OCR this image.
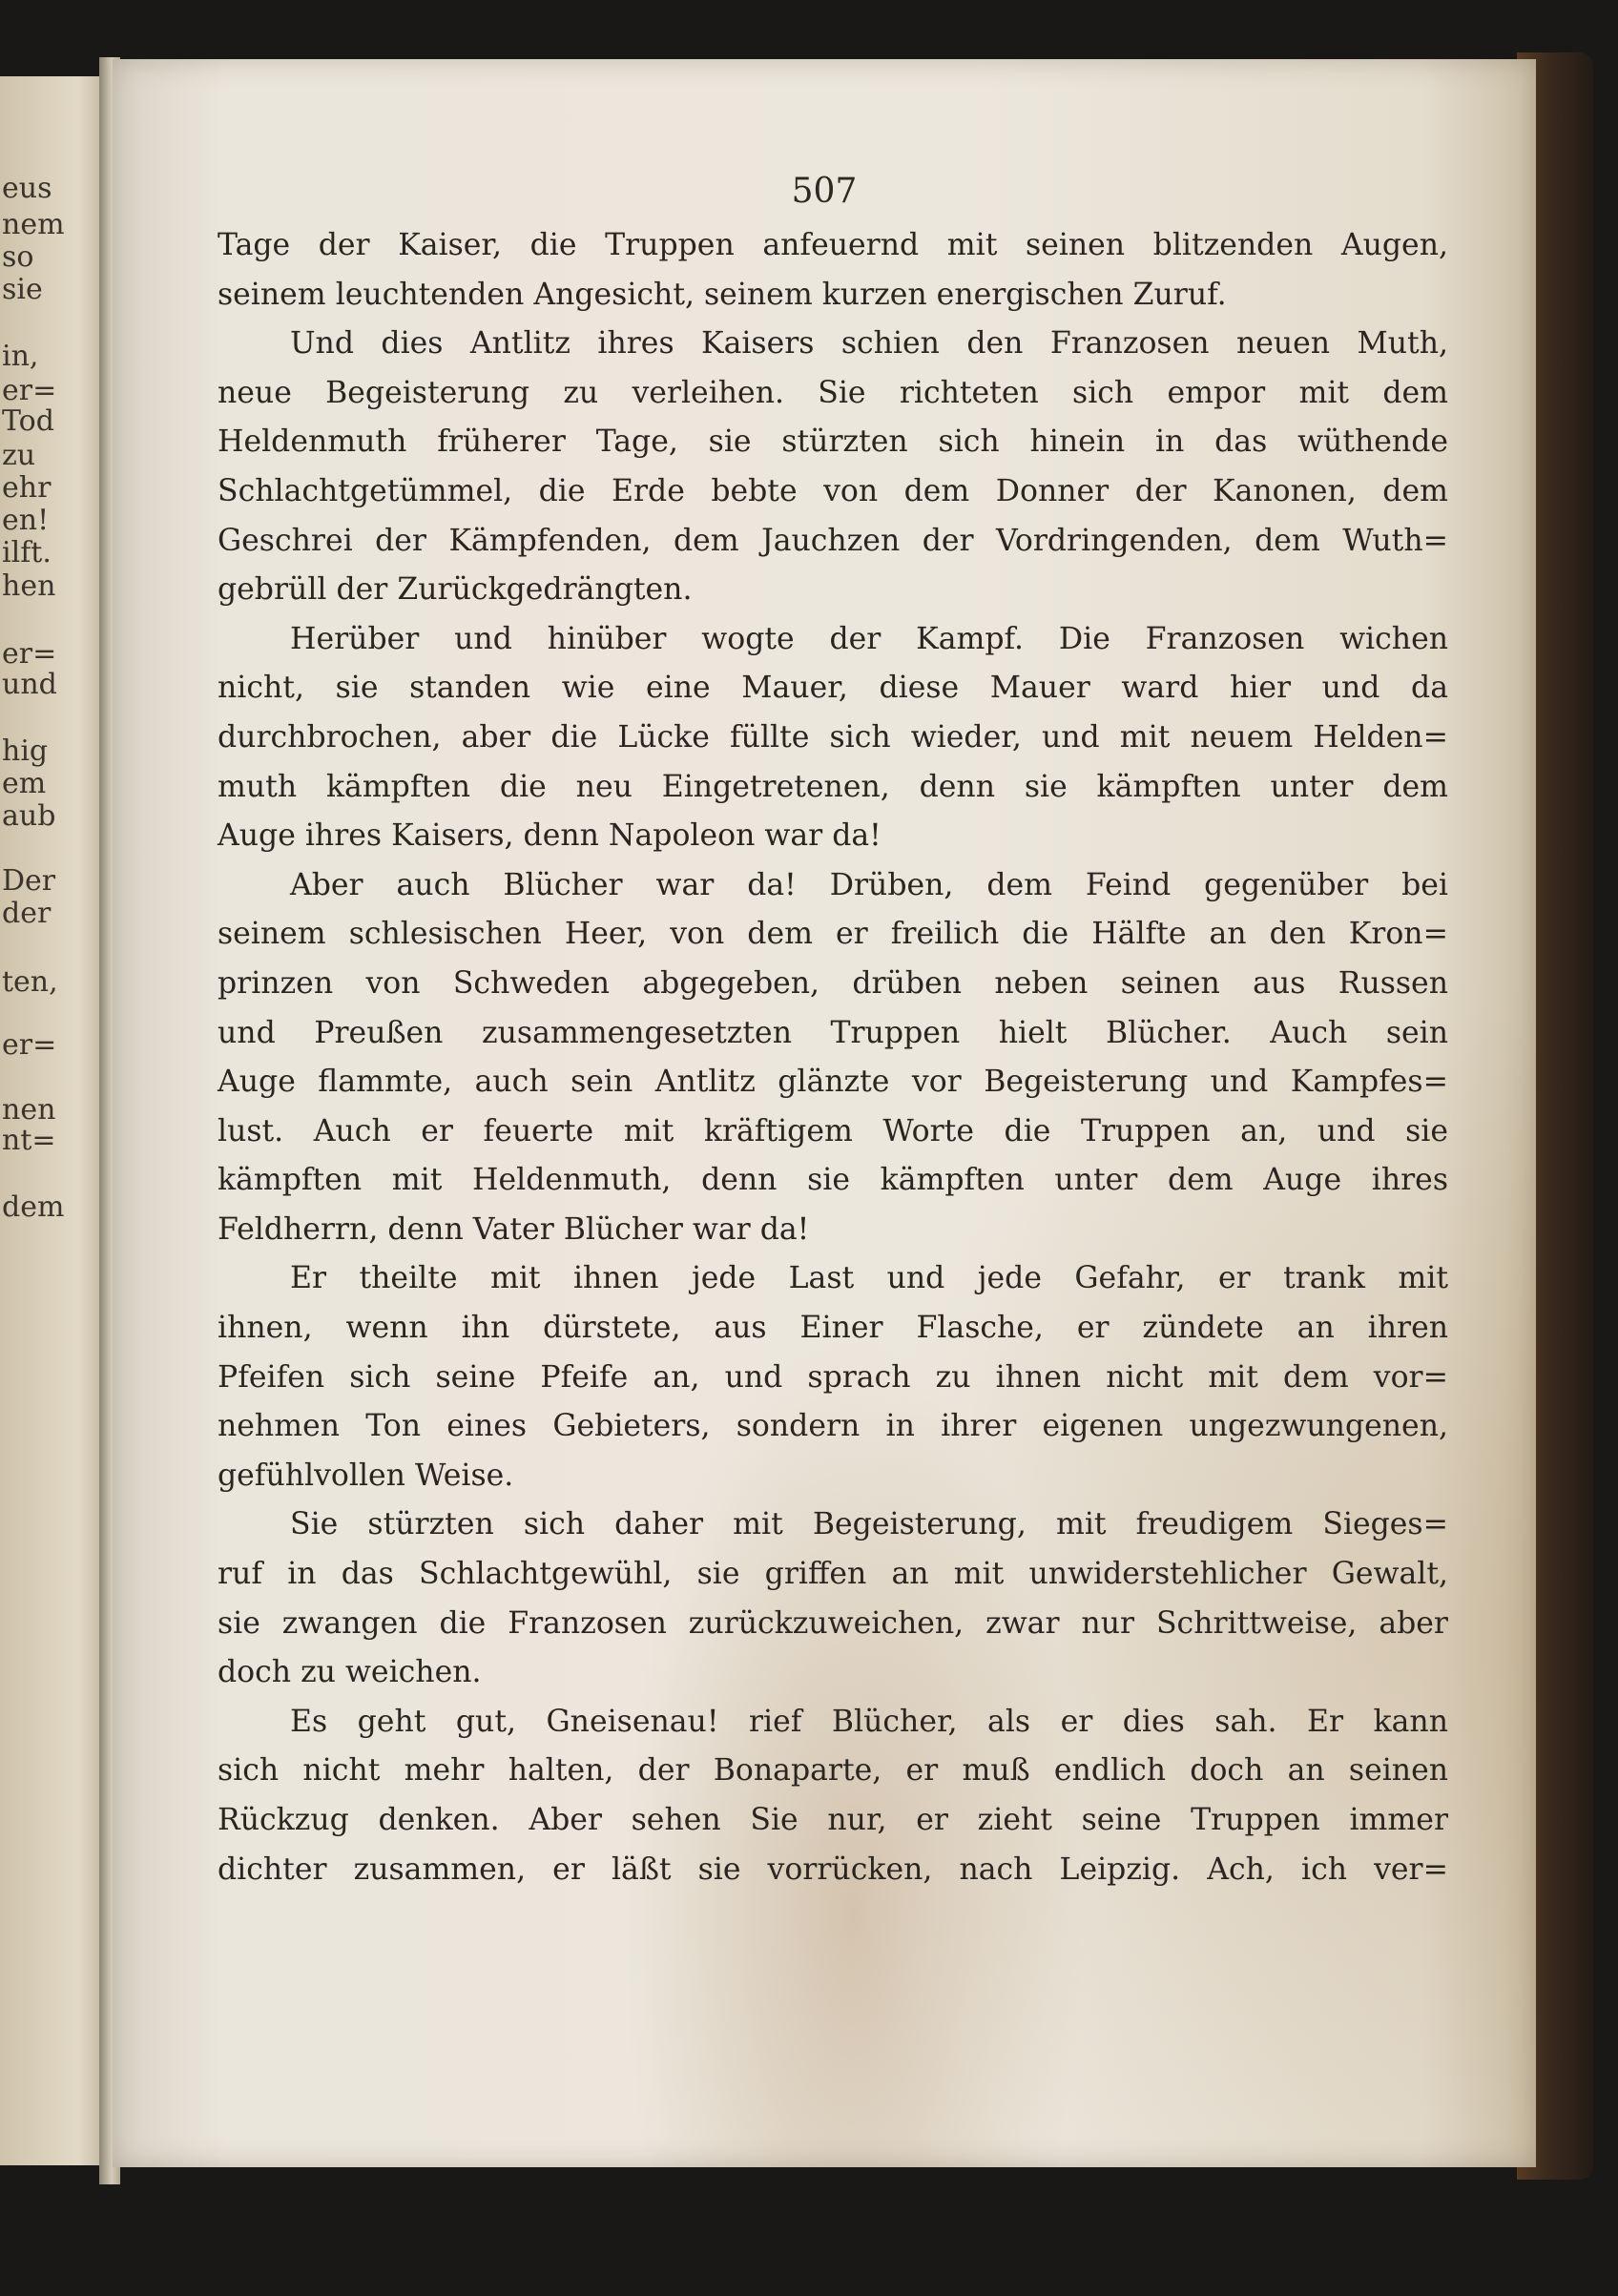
eus
nem
so
sie
in,
er=
Tod
zu
ehr
en!
ilft.
hen
er=
und
hig
em
aub
Der
der
ten,
er=
nen
nt=
dem
507
Tage der Kaiser, die Truppen anfeuernd mit seinen blitzenden Augen,
seinem leuchtenden Angesicht, seinem kurzen energischen Zuruf.
Und dies Antlitz ihres Kaisers schien den Franzosen neuen Muth,
neue Begeisterung zu verleihen. Sie richteten sich empor mit dem
Heldenmuth früherer Tage, sie stürzten sich hinein in das wüthende
Schlachtgetümmel, die Erde bebte von dem Donner der Kanonen, dem
Geschrei der Kämpfenden, dem Jauchzen der Vordringenden, dem Wuth=
gebrüll der Zurückgedrängten.
Herüber und hinüber wogte der Kampf. Die Franzosen wichen
nicht, sie standen wie eine Mauer, diese Mauer ward hier und da
durchbrochen, aber die Lücke füllte sich wieder, und mit neuem Helden=
muth kämpften die neu Eingetretenen, denn sie kämpften unter dem
Auge ihres Kaisers, denn Napoleon war da!
Aber auch Blücher war da! Drüben, dem Feind gegenüber bei
seinem schlesischen Heer, von dem er freilich die Hälfte an den Kron=
prinzen von Schweden abgegeben, drüben neben seinen aus Russen
und Preußen zusammengesetzten Truppen hielt Blücher. Auch sein
Auge flammte, auch sein Antlitz glänzte vor Begeisterung und Kampfes=
lust. Auch er feuerte mit kräftigem Worte die Truppen an, und sie
kämpften mit Heldenmuth, denn sie kämpften unter dem Auge ihres
Feldherrn, denn Vater Blücher war da!
Er theilte mit ihnen jede Last und jede Gefahr, er trank mit
ihnen, wenn ihn dürstete, aus Einer Flasche, er zündete an ihren
Pfeifen sich seine Pfeife an, und sprach zu ihnen nicht mit dem vor=
nehmen Ton eines Gebieters, sondern in ihrer eigenen ungezwungenen,
gefühlvollen Weise.
Sie stürzten sich daher mit Begeisterung, mit freudigem Sieges=
ruf in das Schlachtgewühl, sie griffen an mit unwiderstehlicher Gewalt,
sie zwangen die Franzosen zurückzuweichen, zwar nur Schrittweise, aber
doch zu weichen.
Es geht gut, Gneisenau! rief Blücher, als er dies sah. Er kann
sich nicht mehr halten, der Bonaparte, er muß endlich doch an seinen
Rückzug denken. Aber sehen Sie nur, er zieht seine Truppen immer
dichter zusammen, er läßt sie vorrücken, nach Leipzig. Ach, ich ver=
